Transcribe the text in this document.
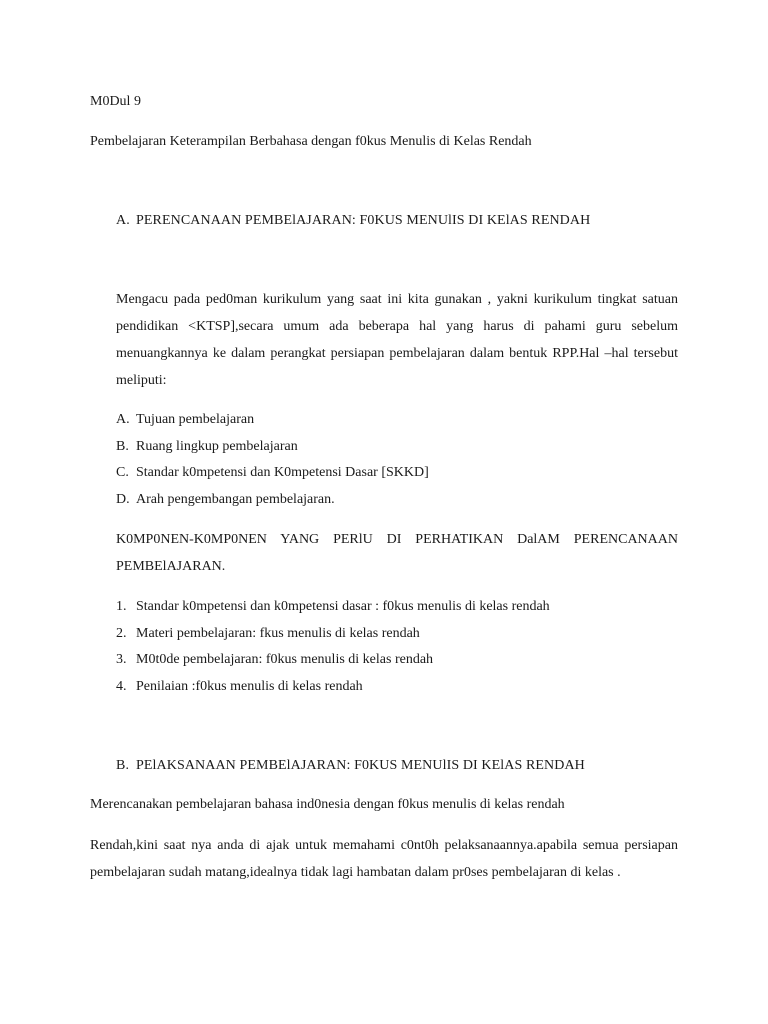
M0Dul 9
Pembelajaran Keterampilan Berbahasa dengan f0kus Menulis di Kelas Rendah
A. PERENCANAAN PEMBElAJARAN: F0KUS MENUlIS DI KElAS RENDAH
Mengacu pada ped0man kurikulum yang saat ini kita gunakan , yakni kurikulum tingkat satuan pendidikan <KTSP],secara umum ada beberapa hal yang harus di pahami guru sebelum menuangkannya ke dalam perangkat persiapan pembelajaran dalam bentuk RPP.Hal –hal tersebut meliputi:
A. Tujuan pembelajaran
B. Ruang lingkup pembelajaran
C. Standar k0mpetensi dan K0mpetensi Dasar [SKKD]
D. Arah pengembangan pembelajaran.
K0MP0NEN-K0MP0NEN YANG PERlU DI PERHATIKAN DalAM PERENCANAAN PEMBElAJARAN.
1. Standar k0mpetensi dan k0mpetensi dasar : f0kus menulis di kelas rendah
2. Materi pembelajaran: fkus menulis di kelas rendah
3. M0t0de pembelajaran: f0kus menulis di kelas rendah
4. Penilaian :f0kus menulis di kelas rendah
B. PElAKSANAAN PEMBElAJARAN: F0KUS MENUlIS DI KElAS RENDAH
Merencanakan pembelajaran bahasa ind0nesia dengan f0kus menulis di kelas rendah
Rendah,kini saat nya anda di ajak untuk memahami c0nt0h pelaksanaannya.apabila semua persiapan pembelajaran sudah matang,idealnya tidak lagi hambatan dalam pr0ses pembelajaran di kelas .
